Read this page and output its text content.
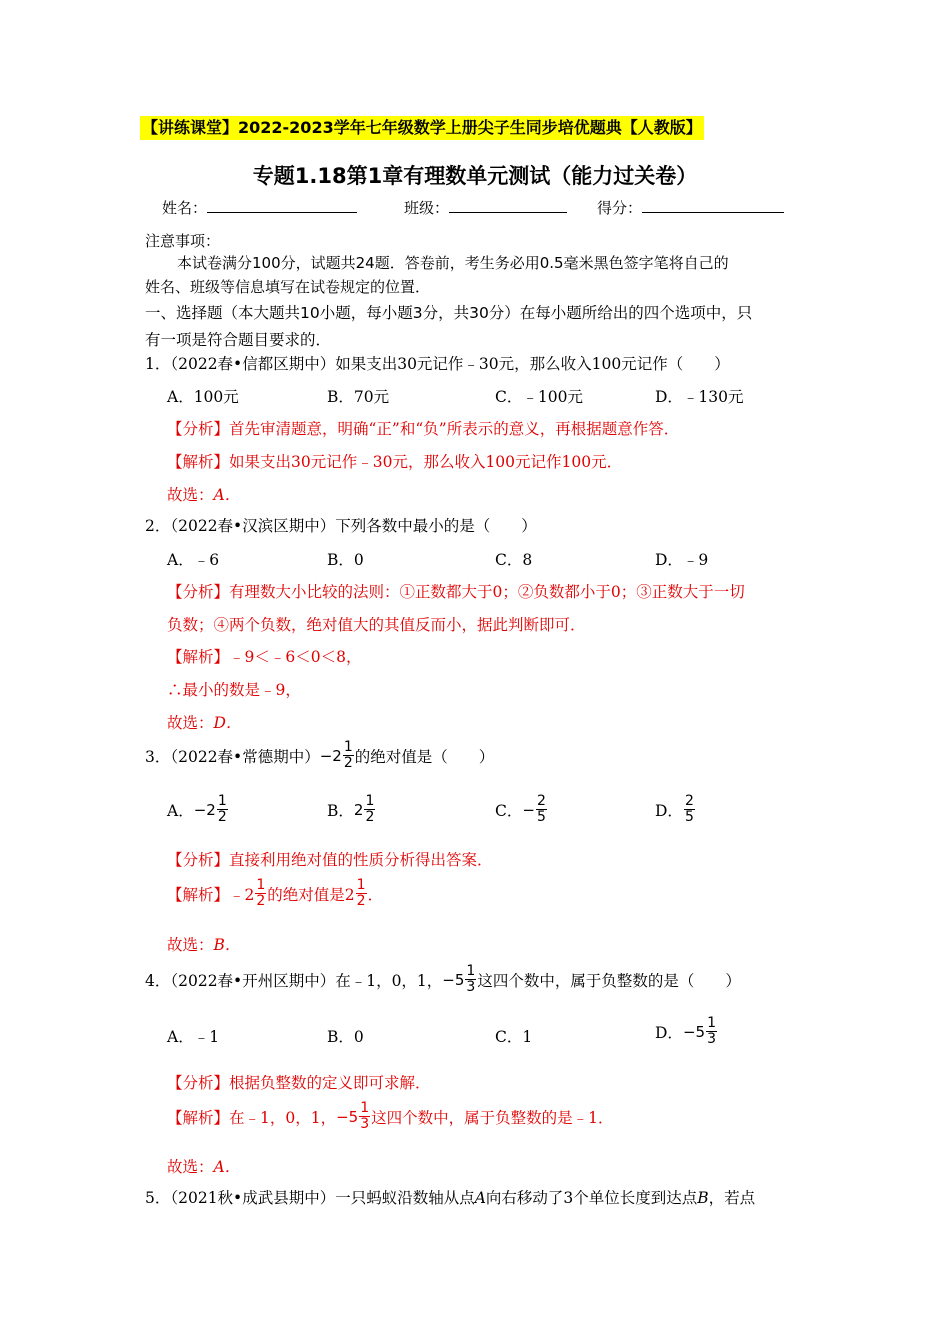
【讲练课堂】2022-2023学年七年级数学上册尖子生同步培优题典【人教版】
专题1.18第1章有理数单元测试（能力过关卷）
姓名：	班级：	得分：
注意事项：
本试卷满分100分，试题共24题．答卷前，考生务必用0.5毫米黑色签字笔将自己的
姓名、班级等信息填写在试卷规定的位置．
一、选择题（本大题共10小题，每小题3分，共30分）在每小题所给出的四个选项中，只
有一项是符合题目要求的．
1．（2022春•信都区期中）如果支出30元记作﹣30元，那么收入100元记作（　　）
A．100元	B．70元	C．﹣100元	D．﹣130元
【分析】首先审清题意，明确“正”和“负”所表示的意义，再根据题意作答．
【解析】如果支出30元记作﹣30元，那么收入100元记作100元．
故选：A．
2．（2022春•汉滨区期中）下列各数中最小的是（　　）
A．﹣6	B．0	C．8	D．﹣9
【分析】有理数大小比较的法则：①正数都大于0；②负数都小于0；③正数大于一切
负数；④两个负数，绝对值大的其值反而小，据此判断即可．
【解析】﹣9＜﹣6＜0＜8，
∴最小的数是﹣9，
故选：D．
3．（2022春•常德期中） $-2 \frac{1}{2}$ 的绝对值是（　　）
A． $-2 \frac{1}{2}$	B． $2 \frac{1}{2}$	C． − $\frac{2}{5}$	D． $\frac{2}{5}$
【分析】直接利用绝对值的性质分析得出答案．
【解析】﹣2 $\frac{1}{2}$ 的绝对值是$2 \frac{1}{2}$ ．
故选：B．
4．（2022春•开州区期中）在﹣1，0，1， $-5 \frac{1}{3}$ 这四个数中，属于负整数的是（　　）
A．﹣1	B．0	C．1	D． $-5 \frac{1}{3}$
【分析】根据负整数的定义即可求解．
【解析】在﹣1，0，1， $-5 \frac{1}{3}$ 这四个数中，属于负整数的是﹣1．
故选：A．
5．（2021秋•成武县期中）一只蚂蚁沿数轴从点A向右移动了3个单位长度到达点B，若点
